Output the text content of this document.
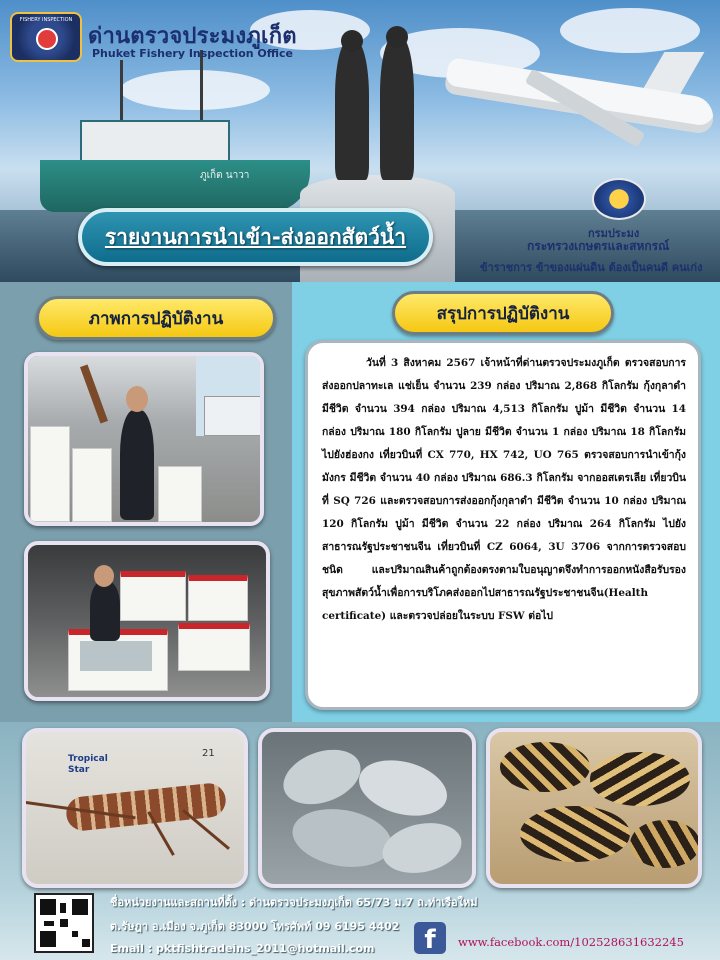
ภูเก็ต นาวา
FISHERY INSPECTION
ด่านตรวจประมงภูเก็ต
Phuket Fishery Inspection Office
รายงานการนำเข้า-ส่งออกสัตว์น้ำ	กรมประมง
กระทรวงเกษตรและสหกรณ์
ข้าราชการ ข้าของแผ่นดิน ต้องเป็นคนดี คนเก่ง
ภาพการปฏิบัติงาน	สรุปการปฏิบัติงาน

วันที่ 3 สิงหาคม 2567 เจ้าหน้าที่ด่านตรวจประมงภูเก็ต ตรวจสอบการส่งออกปลาทะเล แช่เย็น จำนวน 239 กล่อง ปริมาณ 2,868 กิโลกรัม กุ้งกุลาดำ มีชีวิต จำนวน 394 กล่อง ปริมาณ 4,513 กิโลกรัม ปูม้า มีชีวิต จำนวน 14 กล่อง ปริมาณ 180 กิโลกรัม ปูลาย มีชีวิต จำนวน 1 กล่อง ปริมาณ 18 กิโลกรัม ไปยังฮ่องกง เที่ยวบินที่ CX 770, HX 742, UO 765 ตรวจสอบการนำเข้ากุ้งมังกร มีชีวิต จำนวน 40 กล่อง ปริมาณ 686.3 กิโลกรัม จากออสเตรเลีย เที่ยวบินที่ SQ 726 และตรวจสอบการส่งออกกุ้งกุลาดำ มีชีวิต จำนวน 10 กล่อง ปริมาณ 120 กิโลกรัม ปูม้า มีชีวิต จำนวน 22 กล่อง ปริมาณ 264 กิโลกรัม ไปยังสาธารณรัฐประชาชนจีน เที่ยวบินที่ CZ 6064, 3U 3706 จากการตรวจสอบชนิด และปริมาณสินค้าถูกต้องตรงตามใบอนุญาตจึงทำการออกหนังสือรับรองสุขภาพสัตว์น้ำเพื่อการบริโภคส่งออกไปสาธารณรัฐประชาชนจีน(Health certificate) และตรวจปล่อยในระบบ FSW ต่อไป

Tropical Star
21
ชื่อหน่วยงานและสถานที่ตั้ง : ด่านตรวจประมงภูเก็ต 65/73 ม.7 ถ.ท่าเรือใหม่
ต.รัษฎา อ.เมือง จ.ภูเก็ต 83000 โทรศัพท์ 09 6195 4402
Email : pktfishtradeins_2011@hotmail.com	f	www.facebook.com/102528631632245
